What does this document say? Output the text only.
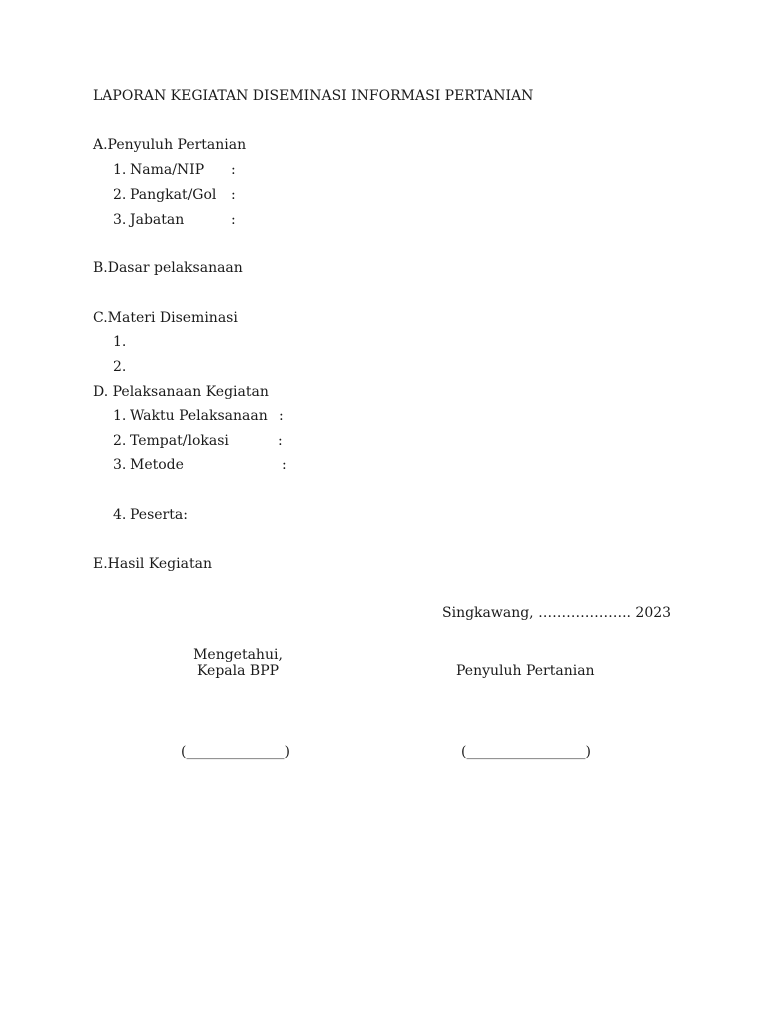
LAPORAN KEGIATAN DISEMINASI INFORMASI PERTANIAN
A.Penyuluh Pertanian
1. Nama/NIP :
2. Pangkat/Gol :
3. Jabatan	:
B.Dasar pelaksanaan
C.Materi Diseminasi
1.
2.
D. Pelaksanaan Kegiatan
1. Waktu Pelaksanaan :
2. Tempat/lokasi	:
3. Metode	:
4. Peserta:
E.Hasil Kegiatan
Singkawang, ……………….. 2023
Mengetahui,
Kepala BPP
(______________)
Penyuluh Pertanian
(_________________)
